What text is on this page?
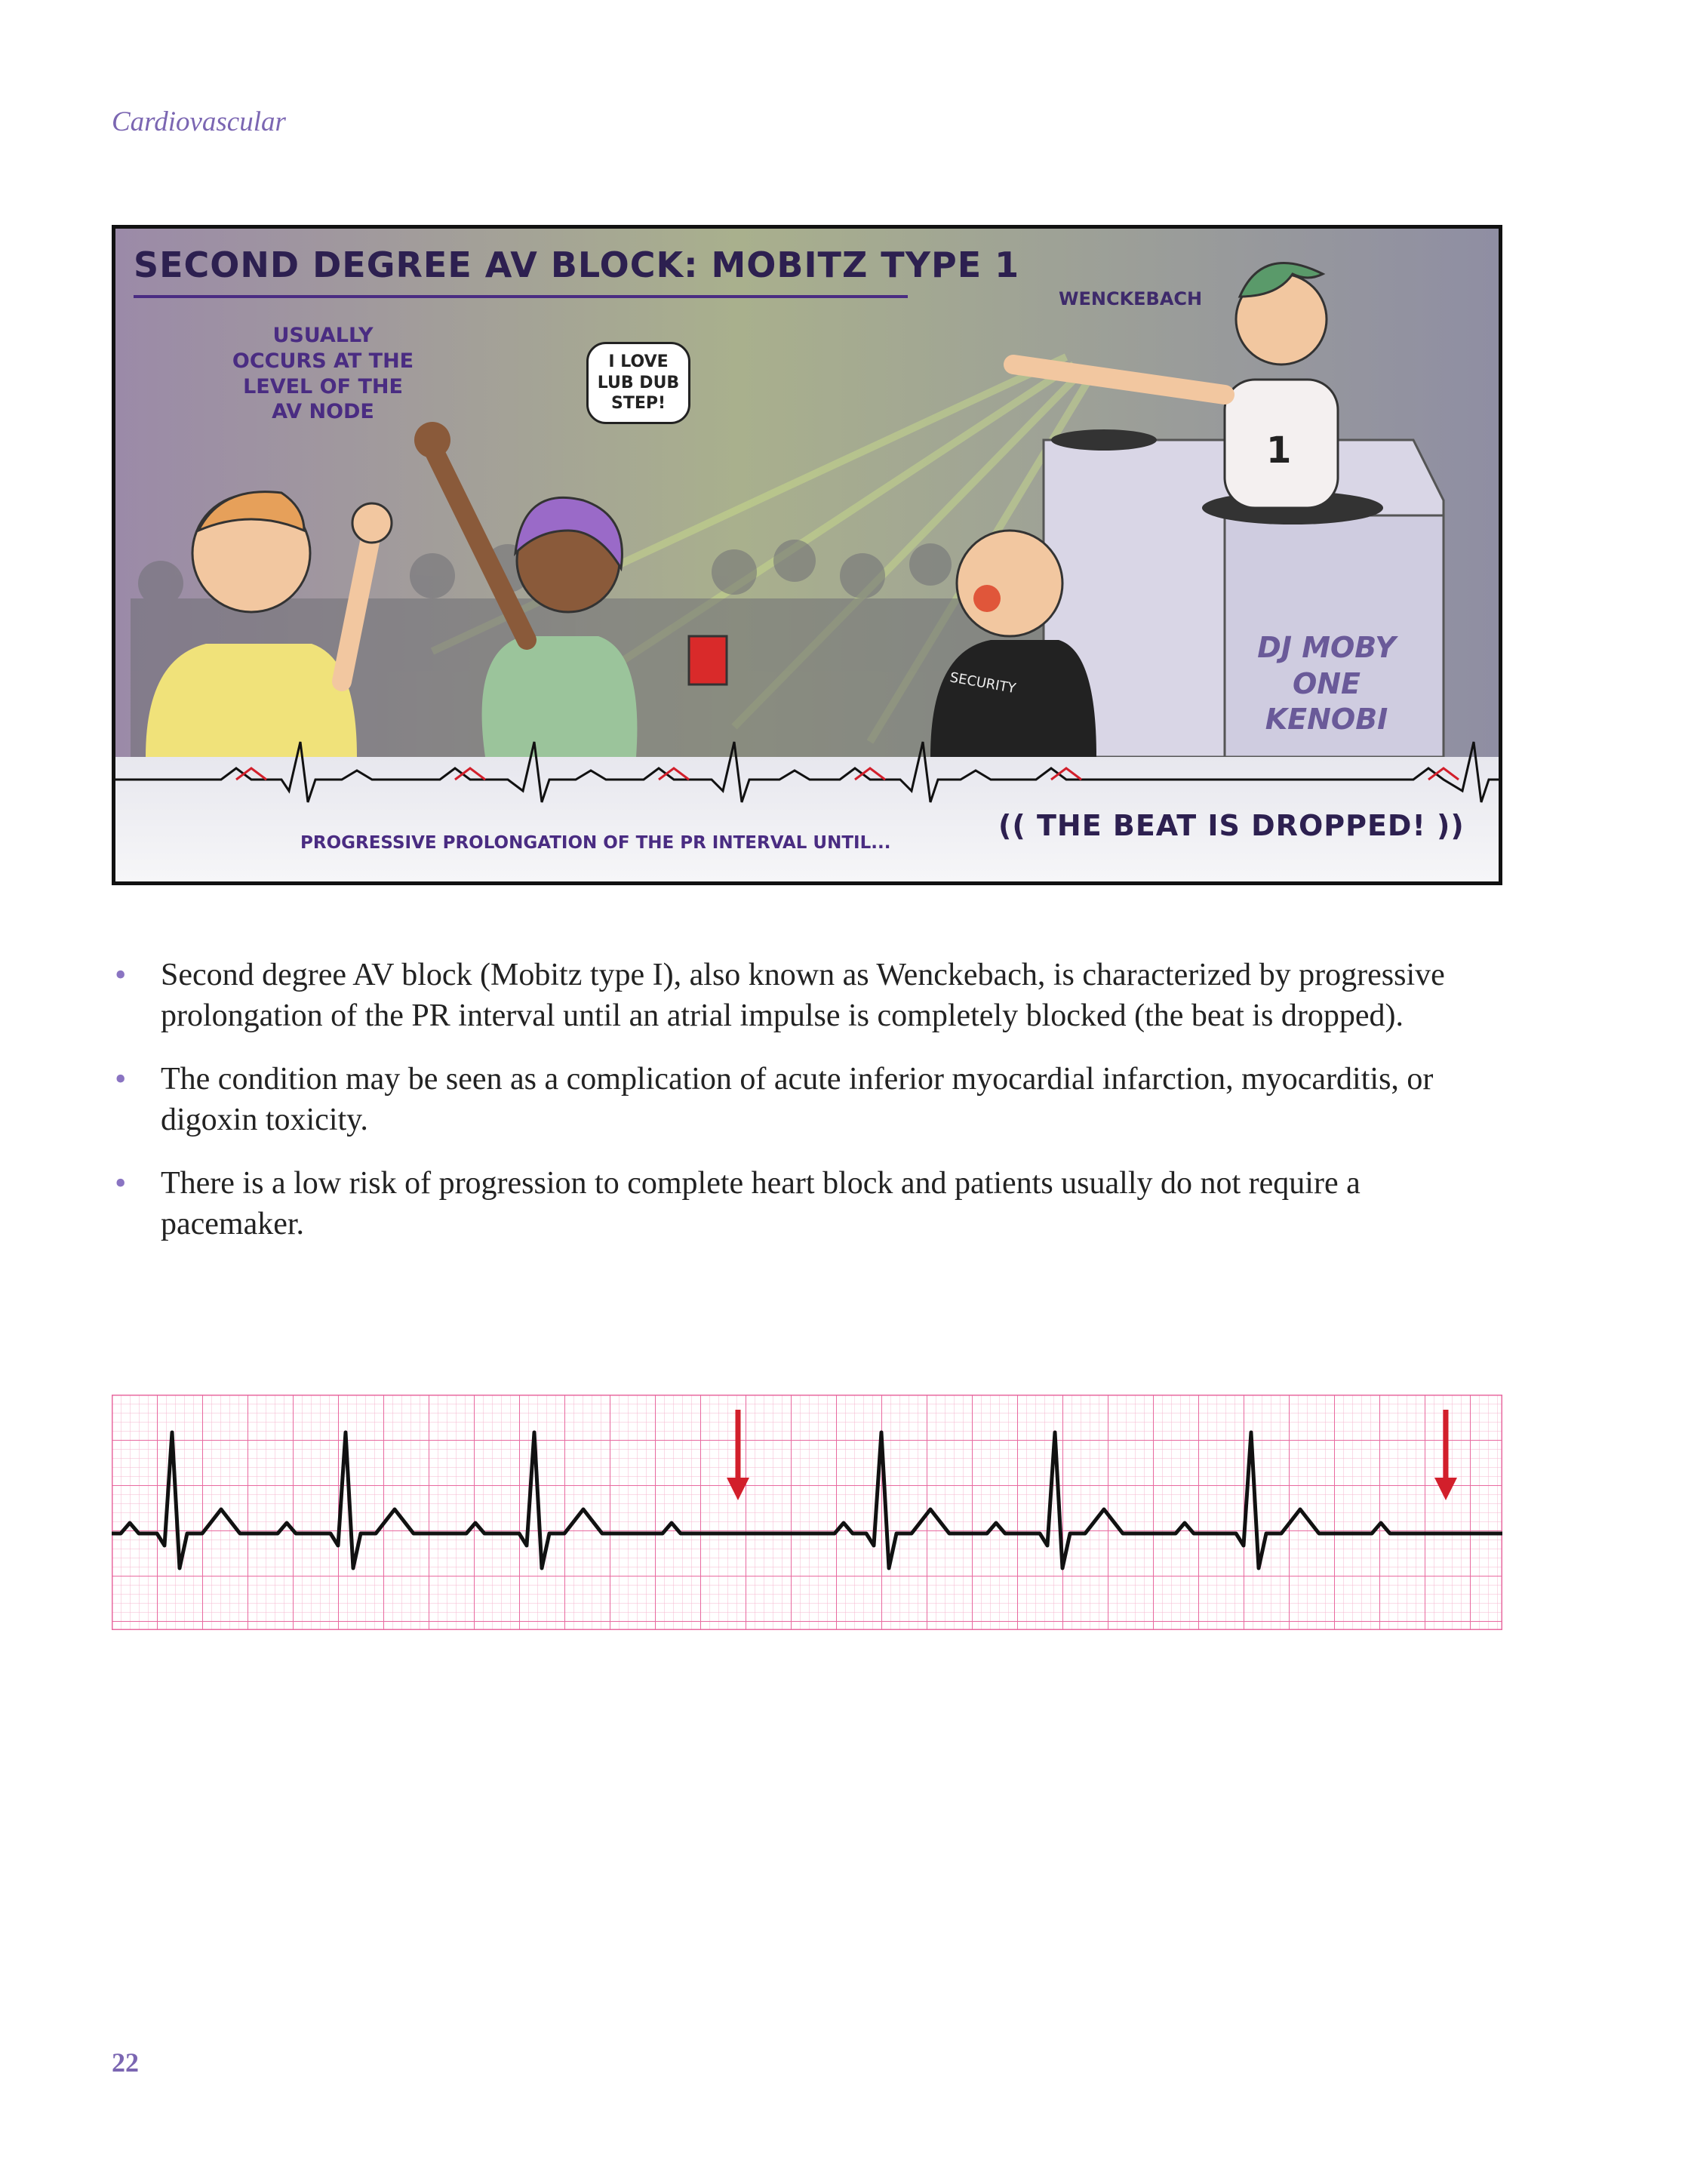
Cardiovascular
1
SECURITY
SECOND DEGREE AV BLOCK: MOBITZ TYPE 1
USUALLY OCCURS AT THE LEVEL OF THE AV NODE
I LOVE LUB DUB STEP!
WENCKEBACH
DJ MOBY ONE KENOBI
PROGRESSIVE PROLONGATION OF THE PR INTERVAL UNTIL...
(( THE BEAT IS DROPPED! ))
• Second degree AV block (Mobitz type I), also known as Wenckebach, is characterized by progressive prolongation of the PR interval until an atrial impulse is completely blocked (the beat is dropped).
• The condition may be seen as a complication of acute inferior myocardial infarction, myocarditis, or digoxin toxicity.
• There is a low risk of progression to complete heart block and patients usually do not require a pacemaker.
22
